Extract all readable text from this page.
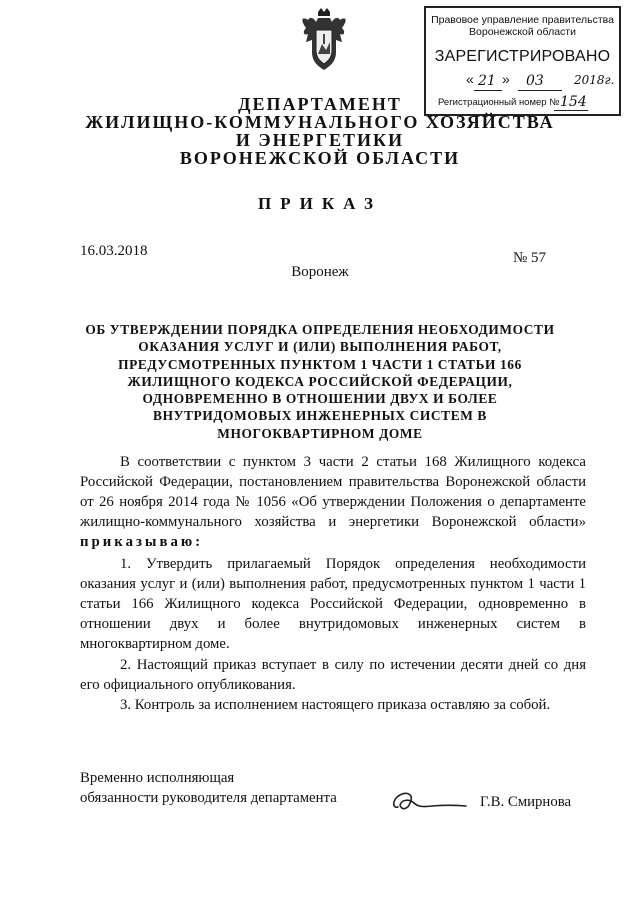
Правовое управление правительства
Воронежской области
ЗАРЕГИСТРИРОВАНО
« 21 » 03	2018г.
Регистрационный номер № 154
ДЕПАРТАМЕНТ
ЖИЛИЩНО-КОММУНАЛЬНОГО ХОЗЯЙСТВА
И ЭНЕРГЕТИКИ
ВОРОНЕЖСКОЙ ОБЛАСТИ
ПРИКАЗ
16.03.2018	№ 57
Воронеж
ОБ УТВЕРЖДЕНИИ ПОРЯДКА ОПРЕДЕЛЕНИЯ НЕОБХОДИМОСТИ
ОКАЗАНИЯ УСЛУГ И (ИЛИ) ВЫПОЛНЕНИЯ РАБОТ,
ПРЕДУСМОТРЕННЫХ ПУНКТОМ 1 ЧАСТИ 1 СТАТЬИ 166
ЖИЛИЩНОГО КОДЕКСА РОССИЙСКОЙ ФЕДЕРАЦИИ,
ОДНОВРЕМЕННО В ОТНОШЕНИИ ДВУХ И БОЛЕЕ
ВНУТРИДОМОВЫХ ИНЖЕНЕРНЫХ СИСТЕМ В
МНОГОКВАРТИРНОМ ДОМЕ
В соответствии с пунктом 3 части 2 статьи 168 Жилищного кодекса Российской Федерации, постановлением правительства Воронежской области от 26 ноября 2014 года № 1056 «Об утверждении Положения о департаменте жилищно-коммунального хозяйства и энергетики Воронежской области» приказываю:
1. Утвердить прилагаемый Порядок определения необходимости оказания услуг и (или) выполнения работ, предусмотренных пунктом 1 части 1 статьи 166 Жилищного кодекса Российской Федерации, одновременно в отношении двух и более внутридомовых инженерных систем в многоквартирном доме.
2. Настоящий приказ вступает в силу по истечении десяти дней со дня его официального опубликования.
3. Контроль за исполнением настоящего приказа оставляю за собой.
Временно исполняющая
обязанности руководителя департамента	Г.В. Смирнова
